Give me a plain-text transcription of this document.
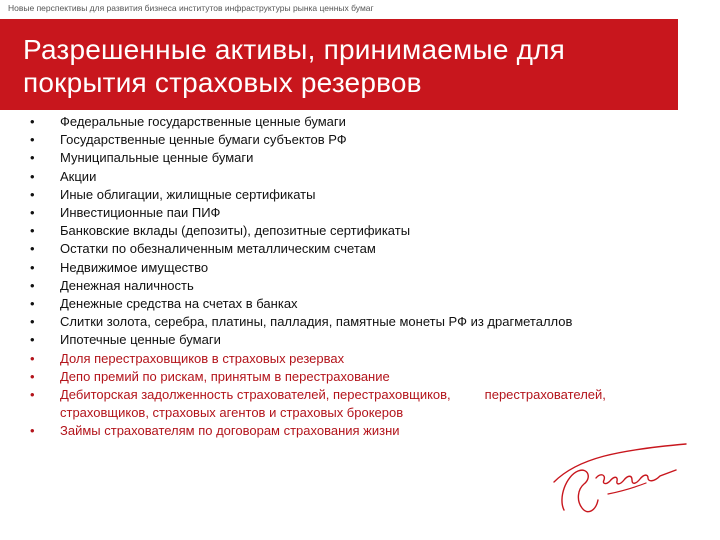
Новые перспективы для развития бизнеса институтов инфраструктуры рынка ценных бумаг
Разрешенные активы, принимаемые для покрытия страховых резервов
•	Федеральные государственные ценные бумаги
•	Государственные ценные бумаги субъектов РФ
•	Муниципальные ценные бумаги
•	Акции
•	Иные облигации, жилищные сертификаты
•	Инвестиционные паи ПИФ
•	Банковские вклады (депозиты), депозитные сертификаты
•	Остатки по обезналиченным металлическим счетам
•	Недвижимое имущество
•	Денежная наличность
•	Денежные средства на счетах в банках
•	Слитки золота, серебра, платины, палладия, памятные монеты РФ из драгметаллов
•	Ипотечные ценные бумаги
•	Доля перестраховщиков в страховых резервах
•	Депо премий по рискам, принятым в перестрахование
•	Дебиторская задолженность страхователей, перестраховщиков,	перестрахователей,
страховщиков, страховых агентов и страховых брокеров
•	Займы страхователям по договорам страхования жизни
